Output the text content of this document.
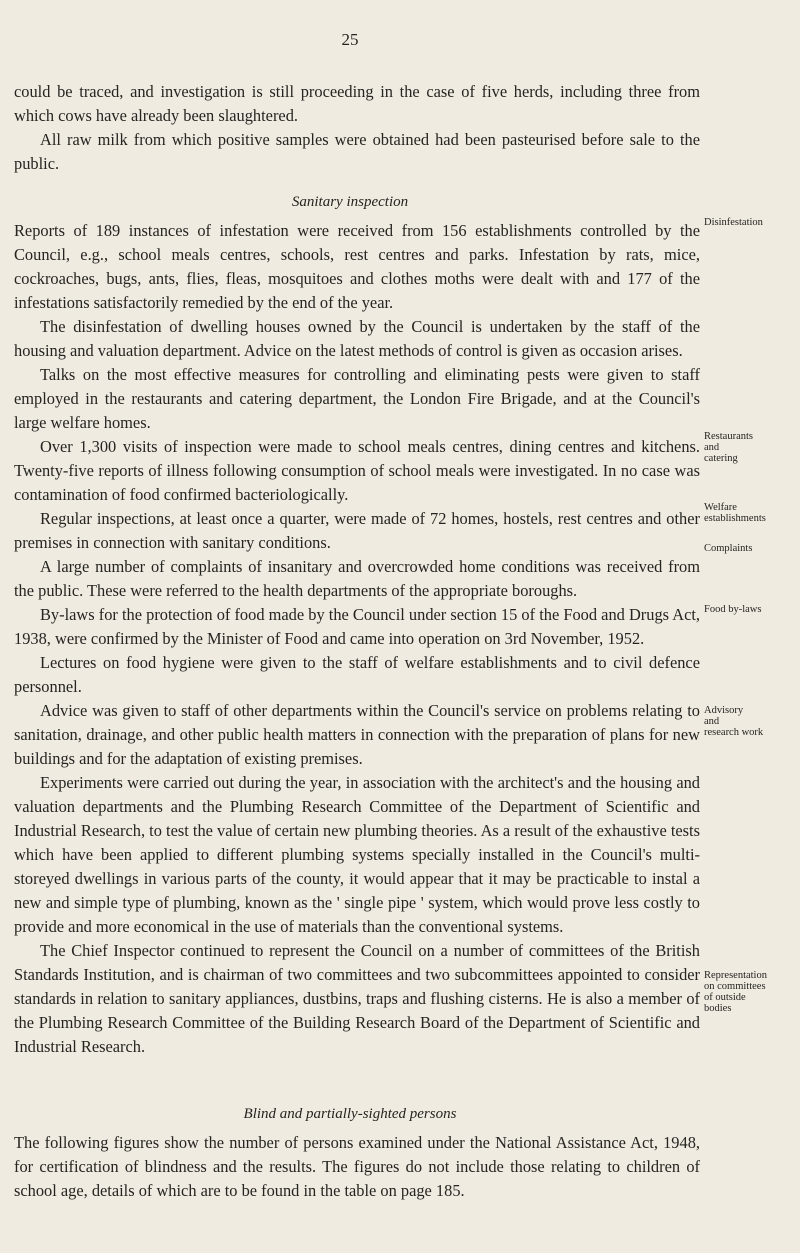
25

could be traced, and investigation is still proceeding in the case of five herds, including three from which cows have already been slaughtered.

All raw milk from which positive samples were obtained had been pasteurised before sale to the public.

Sanitary inspection

Reports of 189 instances of infestation were received from 156 establishments controlled by the Council, e.g., school meals centres, schools, rest centres and parks. Infestation by rats, mice, cockroaches, bugs, ants, flies, fleas, mosquitoes and clothes moths were dealt with and 177 of the infestations satisfactorily remedied by the end of the year.

The disinfestation of dwelling houses owned by the Council is undertaken by the staff of the housing and valuation department. Advice on the latest methods of control is given as occasion arises.

Talks on the most effective measures for controlling and eliminating pests were given to staff employed in the restaurants and catering department, the London Fire Brigade, and at the Council's large welfare homes.

Over 1,300 visits of inspection were made to school meals centres, dining centres and kitchens. Twenty-five reports of illness following consumption of school meals were investigated. In no case was contamination of food confirmed bacteriologically.

Regular inspections, at least once a quarter, were made of 72 homes, hostels, rest centres and other premises in connection with sanitary conditions.

A large number of complaints of insanitary and overcrowded home conditions was received from the public. These were referred to the health departments of the appropriate boroughs.

By-laws for the protection of food made by the Council under section 15 of the Food and Drugs Act, 1938, were confirmed by the Minister of Food and came into operation on 3rd November, 1952.

Lectures on food hygiene were given to the staff of welfare establishments and to civil defence personnel.

Advice was given to staff of other departments within the Council's service on problems relating to sanitation, drainage, and other public health matters in connection with the preparation of plans for new buildings and for the adaptation of existing premises.

Experiments were carried out during the year, in association with the architect's and the housing and valuation departments and the Plumbing Research Committee of the Department of Scientific and Industrial Research, to test the value of certain new plumbing theories. As a result of the exhaustive tests which have been applied to different plumbing systems specially installed in the Council's multi-storeyed dwellings in various parts of the county, it would appear that it may be practicable to instal a new and simple type of plumbing, known as the ' single pipe ' system, which would prove less costly to provide and more economical in the use of materials than the conventional systems.

The Chief Inspector continued to represent the Council on a number of committees of the British Standards Institution, and is chairman of two committees and two subcommittees appointed to consider standards in relation to sanitary appliances, dustbins, traps and flushing cisterns. He is also a member of the Plumbing Research Committee of the Building Research Board of the Department of Scientific and Industrial Research.

Disinfestation
Restaurants
and
catering
Welfare
establishments
Complaints
Food by-laws
Advisory
and
research work
Representation
on committees
of outside
bodies
Blind and partially-sighted persons

The following figures show the number of persons examined under the National Assistance Act, 1948, for certification of blindness and the results. The figures do not include those relating to children of school age, details of which are to be found in the table on page 185.
